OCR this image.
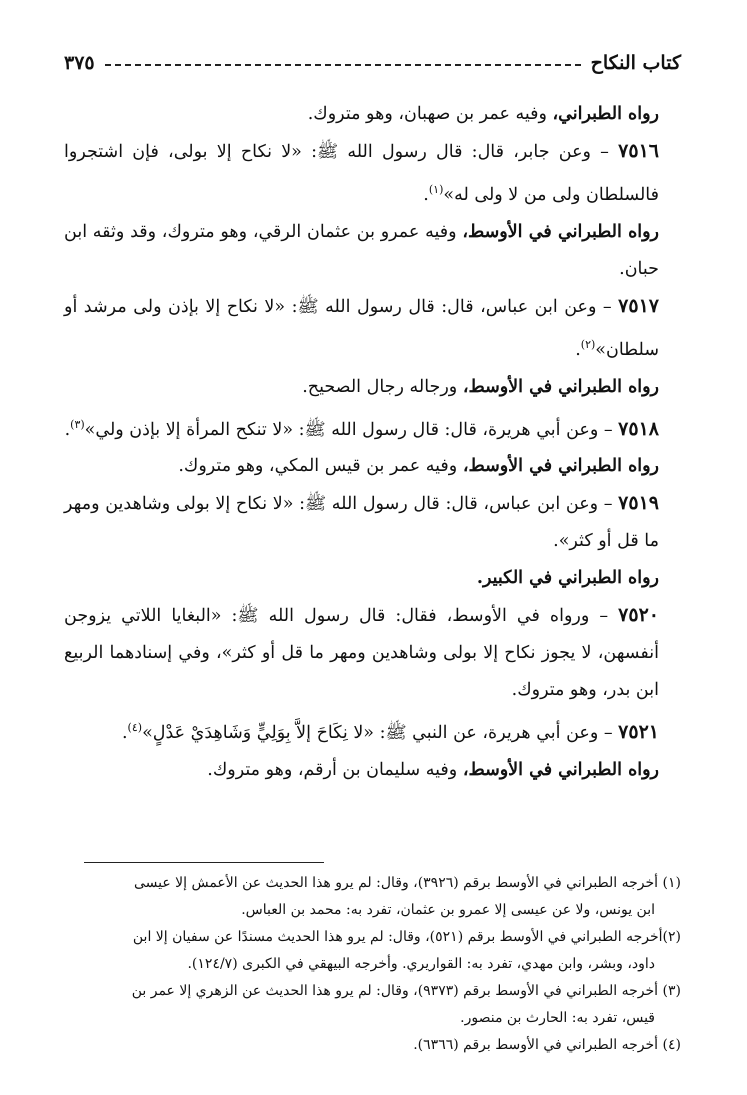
كتاب النكاح
٣٧٥

رواه الطبراني، وفيه عمر بن صهبان، وهو متروك.

٧٥١٦ – وعن جابر، قال: قال رسول الله ﷺ: «لا نكاح إلا بولى، فإن اشتجروا فالسلطان ولى من لا ولى له»$^{(١)}$.

رواه الطبراني في الأوسط، وفيه عمرو بن عثمان الرقي، وهو متروك، وقد وثقه ابن حبان.

٧٥١٧ – وعن ابن عباس، قال: قال رسول الله ﷺ: «لا نكاح إلا بإذن ولى مرشد أو سلطان»$^{(٢)}$.

رواه الطبراني في الأوسط، ورجاله رجال الصحيح.

٧٥١٨ – وعن أبي هريرة، قال: قال رسول الله ﷺ: «لا تنكح المرأة إلا بإذن ولي»$^{(٣)}$.

رواه الطبراني في الأوسط، وفيه عمر بن قيس المكي، وهو متروك.

٧٥١٩ – وعن ابن عباس، قال: قال رسول الله ﷺ: «لا نكاح إلا بولى وشاهدين ومهر ما قل أو كثر».

رواه الطبراني في الكبير.

٧٥٢٠ – ورواه في الأوسط، فقال: قال رسول الله ﷺ: «البغايا اللاتي يزوجن أنفسهن، لا يجوز نكاح إلا بولى وشاهدين ومهر ما قل أو كثر»، وفي إسنادهما الربيع ابن بدر، وهو متروك.

٧٥٢١ – وعن أبي هريرة، عن النبي ﷺ: «لا نِكَاحَ إلاَّ بِوَلِيٍّ وَشَاهِدَيْ عَدْلٍ»$^{(٤)}$.

رواه الطبراني في الأوسط، وفيه سليمان بن أرقم، وهو متروك.

(١) أخرجه الطبراني في الأوسط برقم (٣٩٢٦)، وقال: لم يرو هذا الحديث عن الأعمش إلا عيسى
ابن يونس، ولا عن عيسى إلا عمرو بن عثمان، تفرد به: محمد بن العباس.

(٢)أخرجه الطبراني في الأوسط برقم (٥٢١)، وقال: لم يرو هذا الحديث مسندًا عن سفيان إلا ابن
داود، وبشر، وابن مهدي، تفرد به: القواريري. وأخرجه البيهقي في الكبرى (١٢٤/٧).

(٣) أخرجه الطبراني في الأوسط برقم (٩٣٧٣)، وقال: لم يرو هذا الحديث عن الزهري إلا عمر بن
قيس، تفرد به: الحارث بن منصور.

(٤) أخرجه الطبراني في الأوسط برقم (٦٣٦٦).
